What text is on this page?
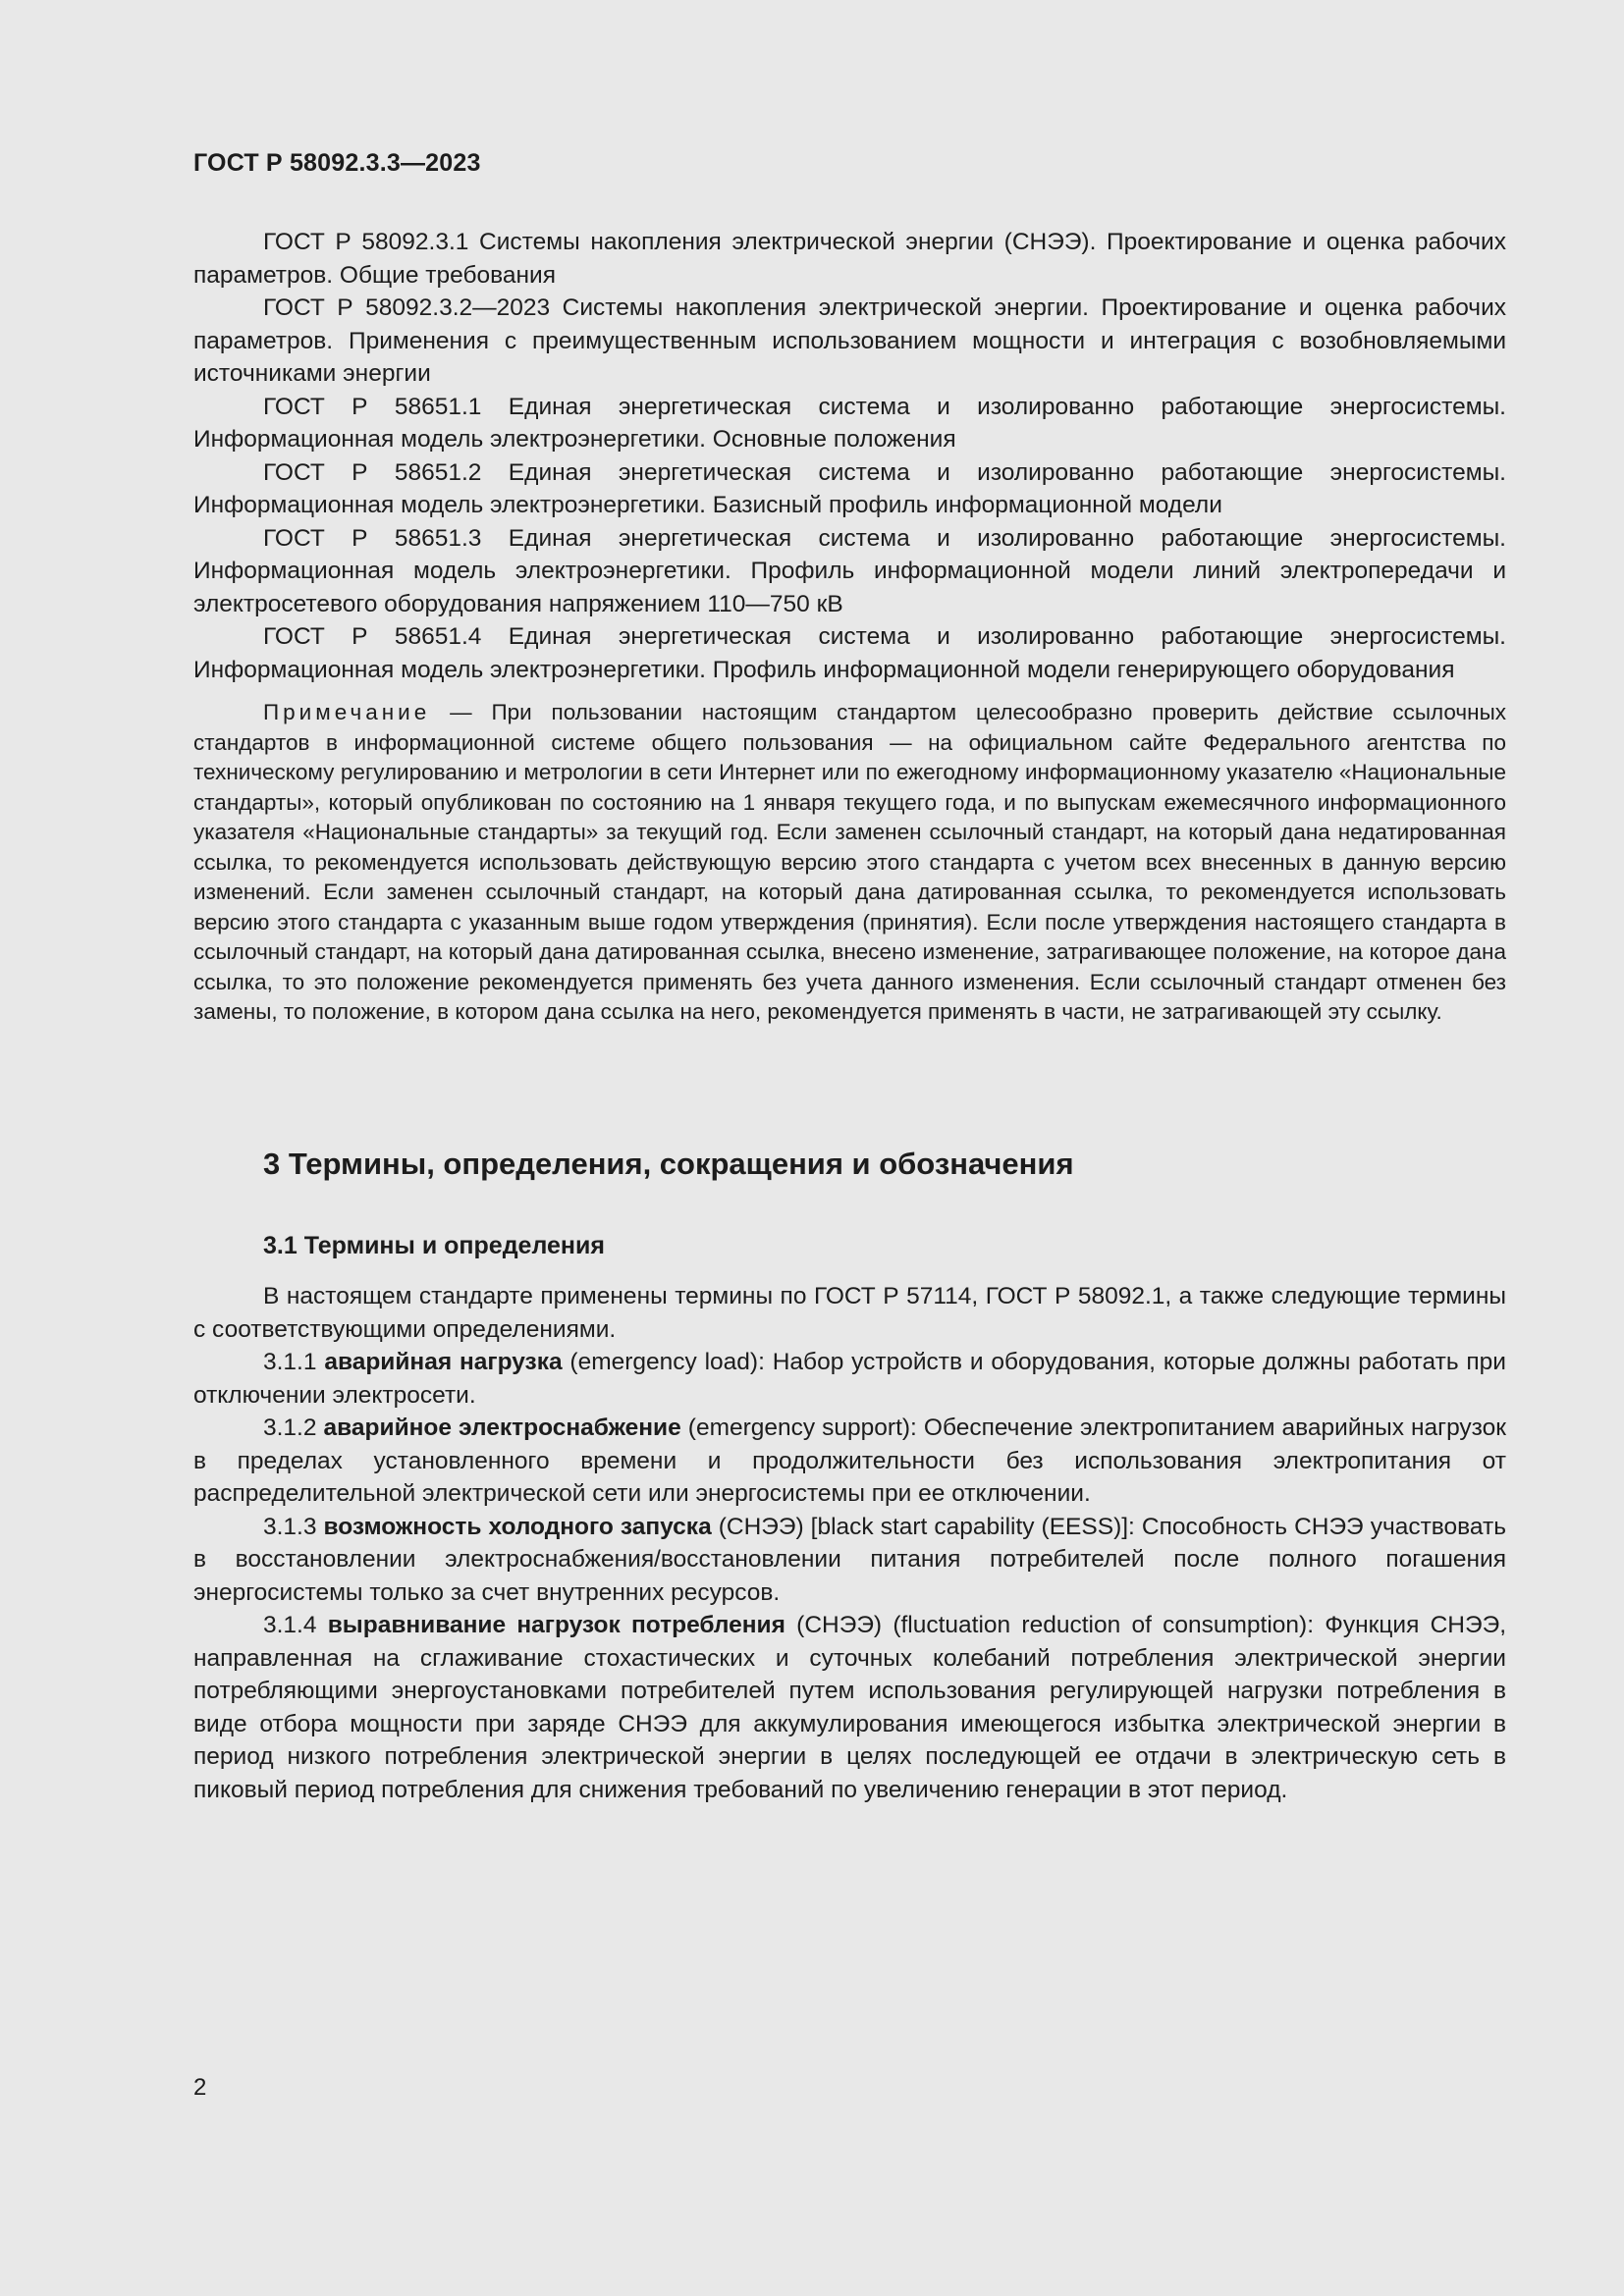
ГОСТ Р 58092.3.3—2023

ГОСТ Р 58092.3.1 Системы накопления электрической энергии (СНЭЭ). Проектирование и оценка рабочих параметров. Общие требования

ГОСТ Р 58092.3.2—2023 Системы накопления электрической энергии. Проектирование и оценка рабочих параметров. Применения с преимущественным использованием мощности и интеграция с возобновляемыми источниками энергии

ГОСТ Р 58651.1 Единая энергетическая система и изолированно работающие энергосистемы. Информационная модель электроэнергетики. Основные положения

ГОСТ Р 58651.2 Единая энергетическая система и изолированно работающие энергосистемы. Информационная модель электроэнергетики. Базисный профиль информационной модели

ГОСТ Р 58651.3 Единая энергетическая система и изолированно работающие энергосистемы. Информационная модель электроэнергетики. Профиль информационной модели линий электропередачи и электросетевого оборудования напряжением 110—750 кВ

ГОСТ Р 58651.4 Единая энергетическая система и изолированно работающие энергосистемы. Информационная модель электроэнергетики. Профиль информационной модели генерирующего оборудования

Примечание — При пользовании настоящим стандартом целесообразно проверить действие ссылочных стандартов в информационной системе общего пользования — на официальном сайте Федерального агентства по техническому регулированию и метрологии в сети Интернет или по ежегодному информационному указателю «Национальные стандарты», который опубликован по состоянию на 1 января текущего года, и по выпускам ежемесячного информационного указателя «Национальные стандарты» за текущий год. Если заменен ссылочный стандарт, на который дана недатированная ссылка, то рекомендуется использовать действующую версию этого стандарта с учетом всех внесенных в данную версию изменений. Если заменен ссылочный стандарт, на который дана датированная ссылка, то рекомендуется использовать версию этого стандарта с указанным выше годом утверждения (принятия). Если после утверждения настоящего стандарта в ссылочный стандарт, на который дана датированная ссылка, внесено изменение, затрагивающее положение, на которое дана ссылка, то это положение рекомендуется применять без учета данного изменения. Если ссылочный стандарт отменен без замены, то положение, в котором дана ссылка на него, рекомендуется применять в части, не затрагивающей эту ссылку.

3 Термины, определения, сокращения и обозначения
3.1 Термины и определения

В настоящем стандарте применены термины по ГОСТ Р 57114, ГОСТ Р 58092.1, а также следующие термины с соответствующими определениями.

3.1.1 аварийная нагрузка (emergency load): Набор устройств и оборудования, которые должны работать при отключении электросети.

3.1.2 аварийное электроснабжение (emergency support): Обеспечение электропитанием аварийных нагрузок в пределах установленного времени и продолжительности без использования электропитания от распределительной электрической сети или энергосистемы при ее отключении.

3.1.3 возможность холодного запуска (СНЭЭ) [black start capability (EESS)]: Способность СНЭЭ участвовать в восстановлении электроснабжения/восстановлении питания потребителей после полного погашения энергосистемы только за счет внутренних ресурсов.

3.1.4 выравнивание нагрузок потребления (СНЭЭ) (fluctuation reduction of consumption): Функция СНЭЭ, направленная на сглаживание стохастических и суточных колебаний потребления электрической энергии потребляющими энергоустановками потребителей путем использования регулирующей нагрузки потребления в виде отбора мощности при заряде СНЭЭ для аккумулирования имеющегося избытка электрической энергии в период низкого потребления электрической энергии в целях последующей ее отдачи в электрическую сеть в пиковый период потребления для снижения требований по увеличению генерации в этот период.

2
